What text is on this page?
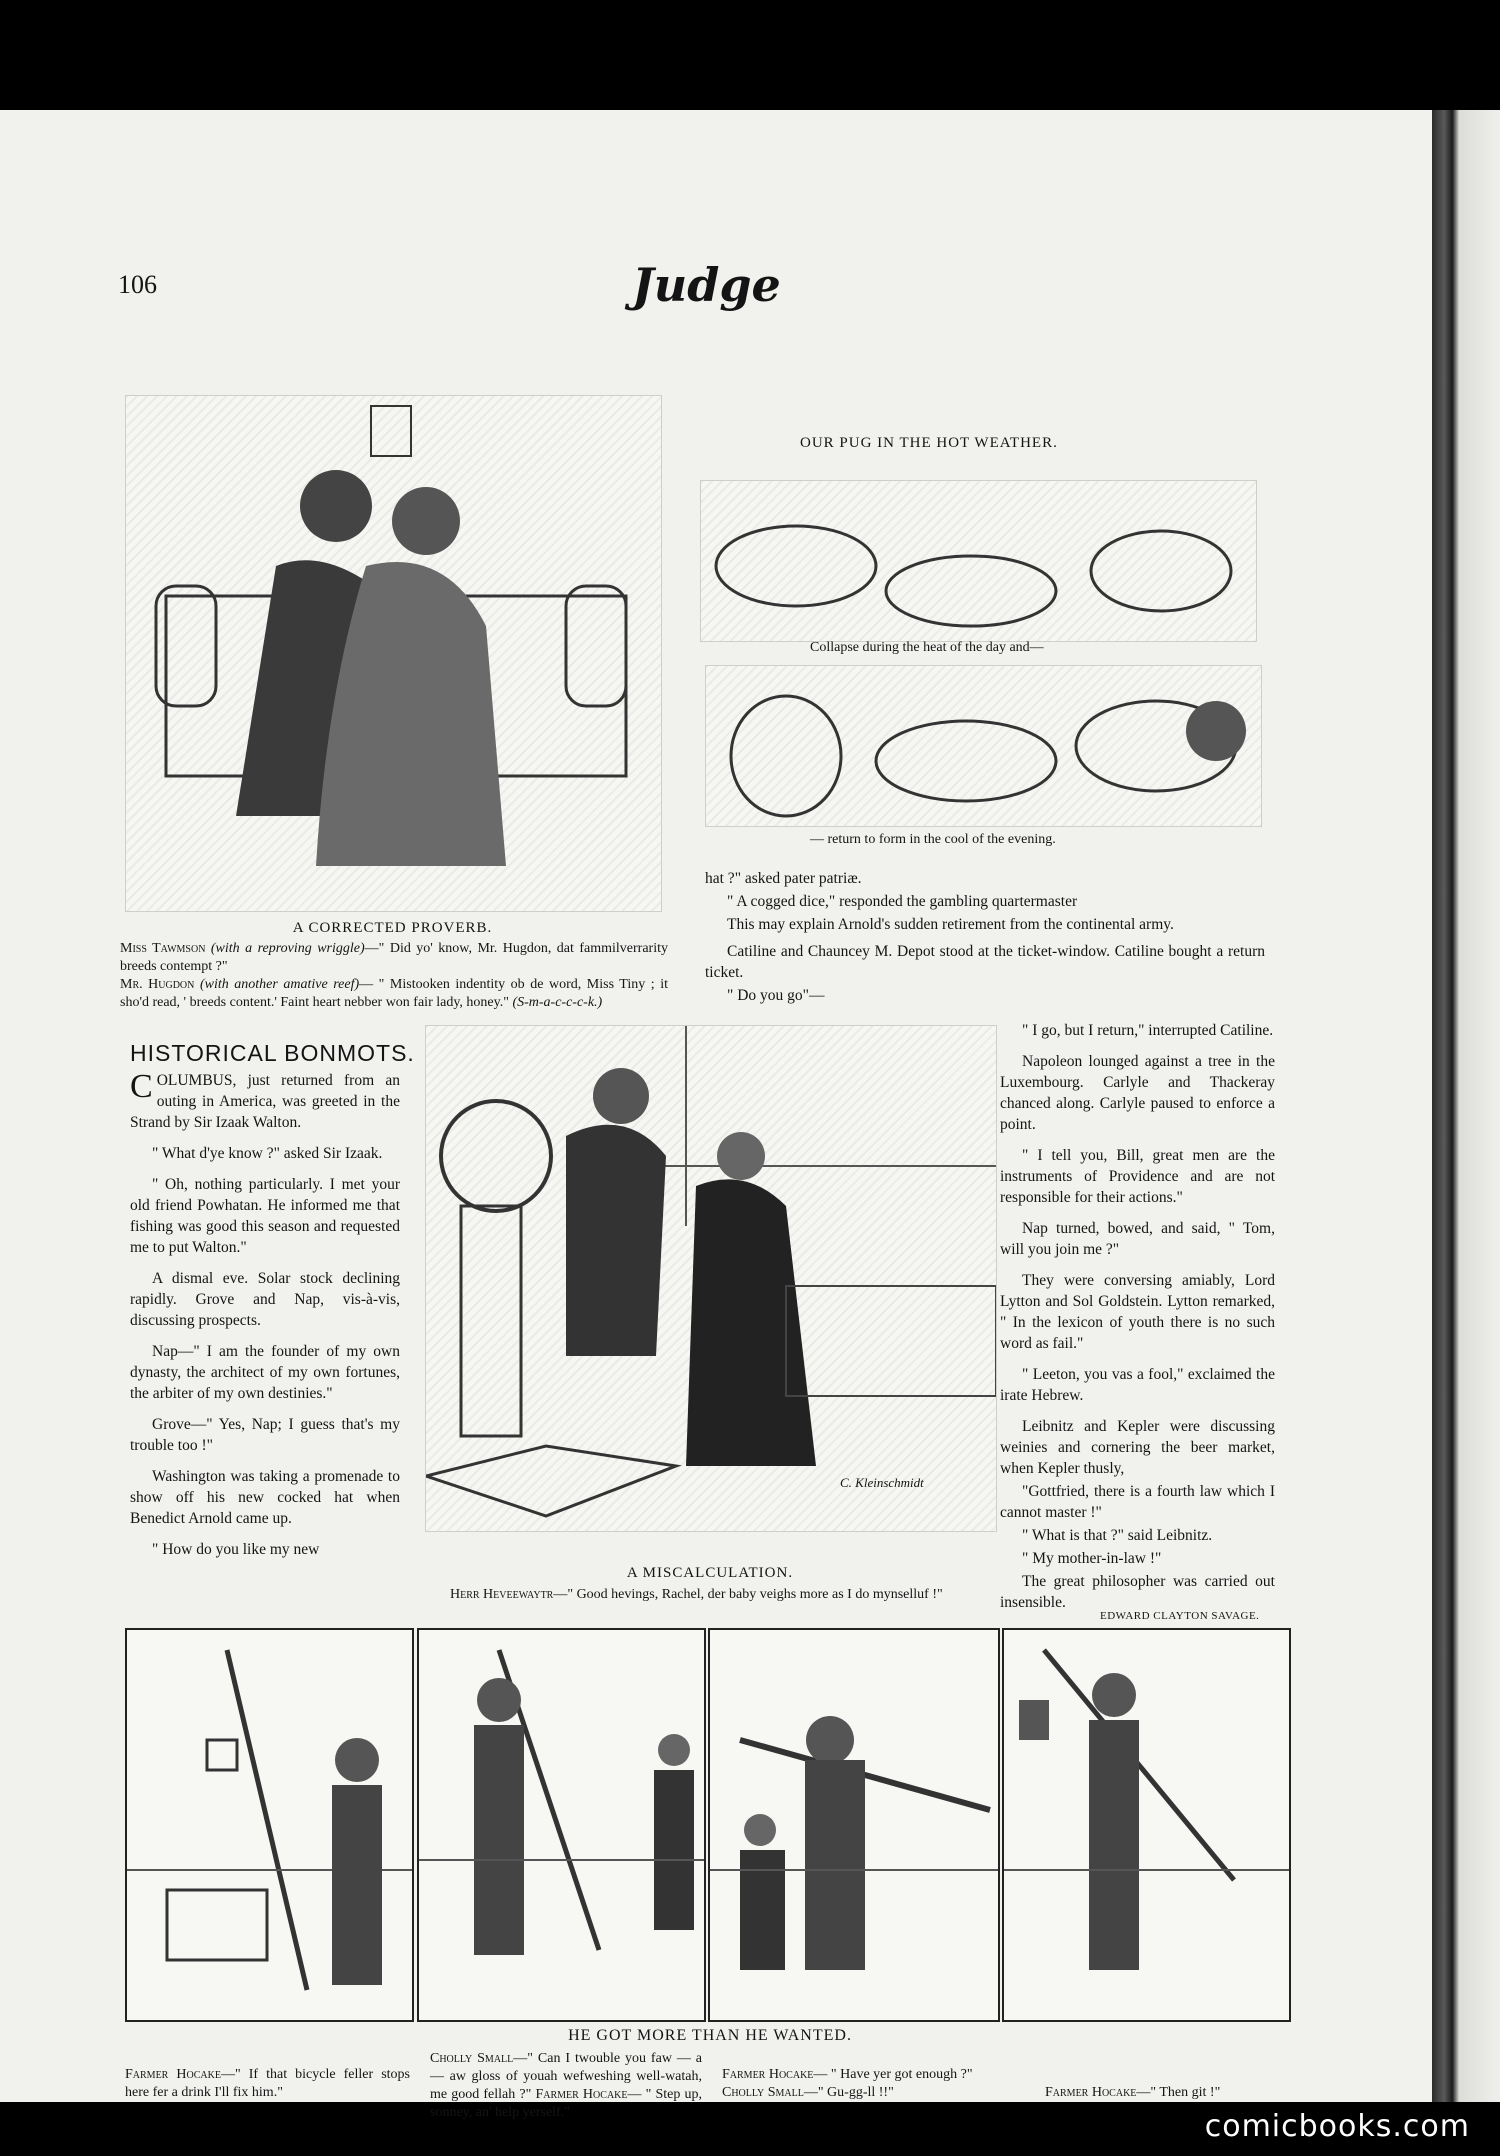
106	Judge
A CORRECTED PROVERB.
Miss Tawmson (with a reproving wriggle)—" Did yo' know, Mr. Hugdon, dat fammilverrarity breeds contempt ?"
Mr. Hugdon (with another amative reef)— " Mistooken indentity ob de word, Miss Tiny ; it sho'd read, ' breeds content.' Faint heart nebber won fair lady, honey." (S-m-a-c-c-c-k.)
OUR PUG IN THE HOT WEATHER.
Collapse during the heat of the day and—
— return to form in the cool of the evening.
HISTORICAL BONMOTS.

COLUMBUS, just returned from an outing in America, was greeted in the Strand by Sir Izaak Walton.

" What d'ye know ?" asked Sir Izaak.

" Oh, nothing particularly. I met your old friend Powhatan. He informed me that fishing was good this season and requested me to put Walton."

A dismal eve. Solar stock declining rapidly. Grove and Nap, vis-à-vis, discussing prospects.

Nap—" I am the founder of my own dynasty, the architect of my own fortunes, the arbiter of my own destinies."

Grove—" Yes, Nap; I guess that's my trouble too !"

Washington was taking a promenade to show off his new cocked hat when Benedict Arnold came up.

" How do you like my new

hat ?" asked pater patriæ.

" A cogged dice," responded the gambling quartermaster

This may explain Arnold's sudden retirement from the continental army.

Catiline and Chauncey M. Depot stood at the ticket-window. Catiline bought a return ticket.

" Do you go"—

C. Kleinschmidt
A MISCALCULATION.
Herr Heveewaytr—" Good hevings, Rachel, der baby veighs more as I do mynselluf !"

" I go, but I return," interrupted Catiline.

Napoleon lounged against a tree in the Luxembourg. Carlyle and Thackeray chanced along. Carlyle paused to enforce a point.

" I tell you, Bill, great men are the instruments of Providence and are not responsible for their actions."

Nap turned, bowed, and said, " Tom, will you join me ?"

They were conversing amiably, Lord Lytton and Sol Goldstein. Lytton remarked, " In the lexicon of youth there is no such word as fail."

" Leeton, you vas a fool," exclaimed the irate Hebrew.

Leibnitz and Kepler were discussing weinies and cornering the beer market, when Kepler thusly,

"Gottfried, there is a fourth law which I cannot master !"

" What is that ?" said Leibnitz.

" My mother-in-law !"

The great philosopher was carried out insensible.

EDWARD CLAYTON SAVAGE.
HE GOT MORE THAN HE WANTED.
Farmer Hocake—" If that bicycle feller stops here fer a drink I'll fix him."
Cholly Small—" Can I twouble you faw — a — aw gloss of youah wefweshing well-watah, me good fellah ?" Farmer Hocake— " Step up, sonney, an' help yerself."
Farmer Hocake— " Have yer got enough ?"
Cholly Small—" Gu-gg-ll !!"	Farmer Hocake—" Then git !"
comicbooks.com
